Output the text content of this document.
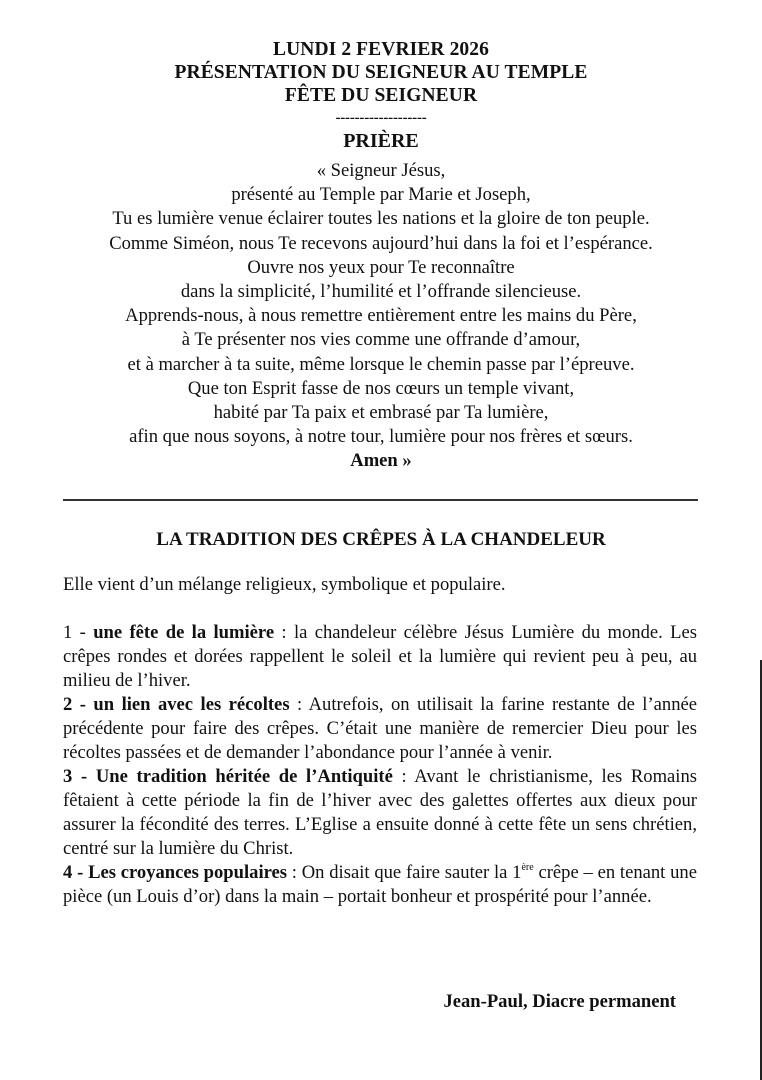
LUNDI 2 FEVRIER 2026
PRÉSENTATION DU SEIGNEUR AU TEMPLE
FÊTE DU SEIGNEUR
-------------------
PRIÈRE
« Seigneur Jésus,
présenté au Temple par Marie et Joseph,
Tu es lumière venue éclairer toutes les nations et la gloire de ton peuple.
Comme Siméon, nous Te recevons aujourd’hui dans la foi et l’espérance.
Ouvre nos yeux pour Te reconnaître
dans la simplicité, l’humilité et l’offrande silencieuse.
Apprends-nous, à nous remettre entièrement entre les mains du Père,
à Te présenter nos vies comme une offrande d’amour,
et à marcher à ta suite, même lorsque le chemin passe par l’épreuve.
Que ton Esprit fasse de nos cœurs un temple vivant,
habité par Ta paix et embrasé par Ta lumière,
afin que nous soyons, à notre tour, lumière pour nos frères et sœurs.
Amen »
LA TRADITION DES CRÊPES À LA CHANDELEUR

Elle vient d’un mélange religieux, symbolique et populaire.

1 - une fête de la lumière : la chandeleur célèbre Jésus Lumière du monde. Les crêpes rondes et dorées rappellent le soleil et la lumière qui revient peu à peu, au milieu de l’hiver.

2 - un lien avec les récoltes : Autrefois, on utilisait la farine restante de l’année précédente pour faire des crêpes. C’était une manière de remercier Dieu pour les récoltes passées et de demander l’abondance pour l’année à venir.

3 - Une tradition héritée de l’Antiquité : Avant le christianisme, les Romains fêtaient à cette période la fin de l’hiver avec des galettes offertes aux dieux pour assurer la fécondité des terres. L’Eglise a ensuite donné à cette fête un sens chrétien, centré sur la lumière du Christ.

4 - Les croyances populaires : On disait que faire sauter la 1ère crêpe – en tenant une pièce (un Louis d’or) dans la main – portait bonheur et prospérité pour l’année.

Jean-Paul, Diacre permanent
